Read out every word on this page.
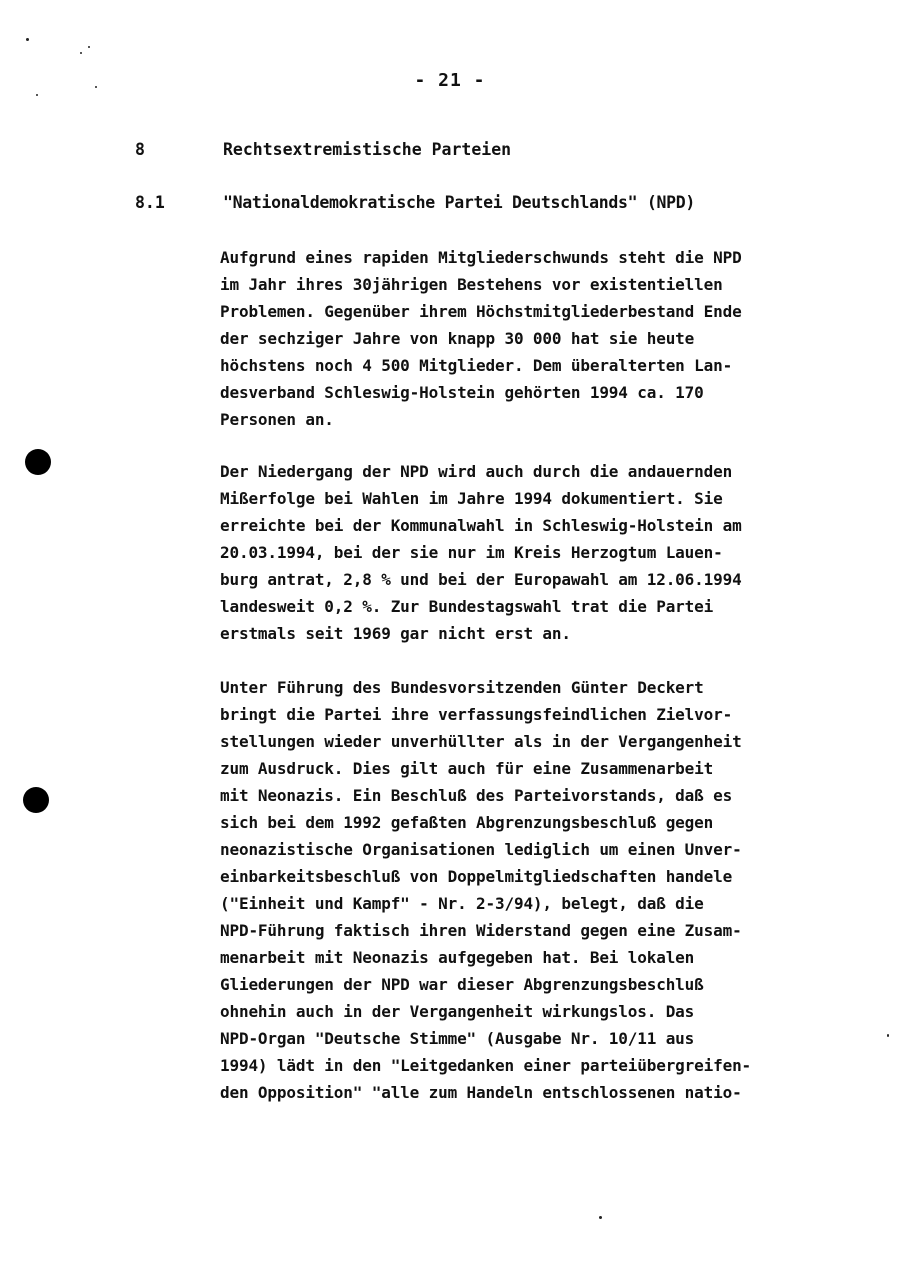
- 21 -
8	Rechtsextremistische Parteien
8.1	"Nationaldemokratische Partei Deutschlands" (NPD)
Aufgrund eines rapiden Mitgliederschwunds steht die NPD
im Jahr ihres 30jährigen Bestehens vor existentiellen
Problemen. Gegenüber ihrem Höchstmitgliederbestand Ende
der sechziger Jahre von knapp 30 000 hat sie heute
höchstens noch 4 500 Mitglieder. Dem überalterten Lan-
desverband Schleswig-Holstein gehörten 1994 ca. 170
Personen an.
Der Niedergang der NPD wird auch durch die andauernden
Mißerfolge bei Wahlen im Jahre 1994 dokumentiert. Sie
erreichte bei der Kommunalwahl in Schleswig-Holstein am
20.03.1994, bei der sie nur im Kreis Herzogtum Lauen-
burg antrat, 2,8 % und bei der Europawahl am 12.06.1994
landesweit 0,2 %. Zur Bundestagswahl trat die Partei
erstmals seit 1969 gar nicht erst an.
Unter Führung des Bundesvorsitzenden Günter Deckert
bringt die Partei ihre verfassungsfeindlichen Zielvor-
stellungen wieder unverhüllter als in der Vergangenheit
zum Ausdruck. Dies gilt auch für eine Zusammenarbeit
mit Neonazis. Ein Beschluß des Parteivorstands, daß es
sich bei dem 1992 gefaßten Abgrenzungsbeschluß gegen
neonazistische Organisationen lediglich um einen Unver-
einbarkeitsbeschluß von Doppelmitgliedschaften handele
("Einheit und Kampf" - Nr. 2-3/94), belegt, daß die
NPD-Führung faktisch ihren Widerstand gegen eine Zusam-
menarbeit mit Neonazis aufgegeben hat. Bei lokalen
Gliederungen der NPD war dieser Abgrenzungsbeschluß
ohnehin auch in der Vergangenheit wirkungslos. Das
NPD-Organ "Deutsche Stimme" (Ausgabe Nr. 10/11 aus
1994) lädt in den "Leitgedanken einer parteiübergreifen-
den Opposition" "alle zum Handeln entschlossenen natio-
